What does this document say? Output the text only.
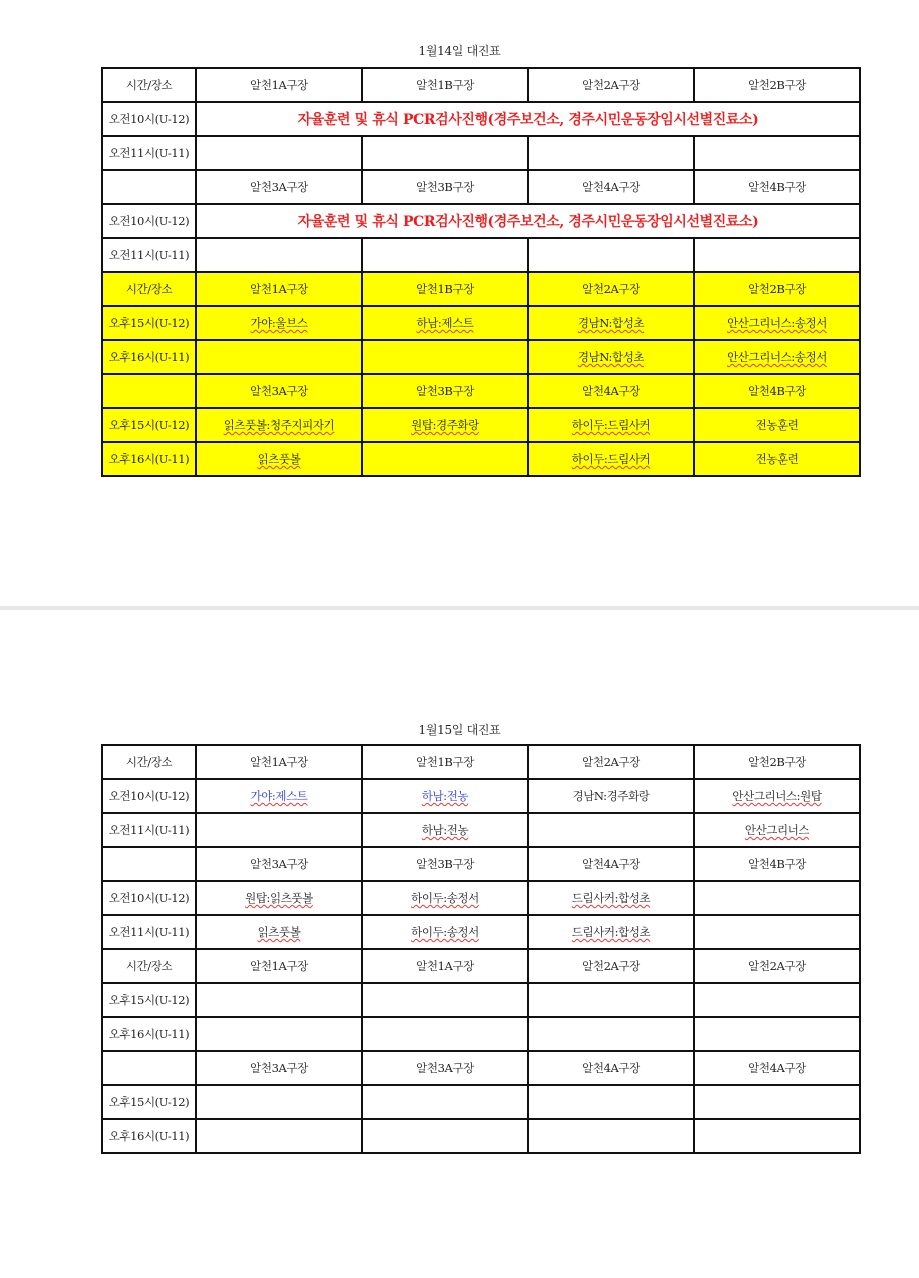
1월14일 대진표
시간/장소	알천1A구장	알천1B구장	알천2A구장	알천2B구장
오전10시(U-12)	자율훈련 및 휴식 PCR검사진행(경주보건소, 경주시민운동장임시선별진료소)			
오전11시(U-11)				
	알천3A구장	알천3B구장	알천4A구장	알천4B구장
오전10시(U-12)	자율훈련 및 휴식 PCR검사진행(경주보건소, 경주시민운동장임시선별진료소)			
오전11시(U-11)				
시간/장소	알천1A구장	알천1B구장	알천2A구장	알천2B구장
오후15시(U-12)	가야:울브스	하남:제스트	경남N:합성초	안산그리너스:송정서
오후16시(U-11)			경남N:합성초	안산그리너스:송정서
	알천3A구장	알천3B구장	알천4A구장	알천4B구장
오후15시(U-12)	읽츠풋볼:청주지피자기	원탑:경주화랑	하이두:드림사커	전농훈련
오후16시(U-11)	읽츠풋볼		하이두:드림사커	전농훈련
1월15일 대진표
시간/장소	알천1A구장	알천1B구장	알천2A구장	알천2B구장
오전10시(U-12)	가야:제스트	하남:전농	경남N:경주화랑	안산그리너스:원탑
오전11시(U-11)		하남:전농		안산그리너스
	알천3A구장	알천3B구장	알천4A구장	알천4B구장
오전10시(U-12)	원탑:읽츠풋볼	하이두:송정서	드림사커:합성초	
오전11시(U-11)	읽츠풋볼	하이두:송정서	드림사커:합성초	
시간/장소	알천1A구장	알천1A구장	알천2A구장	알천2A구장
오후15시(U-12)				
오후16시(U-11)				
	알천3A구장	알천3A구장	알천4A구장	알천4A구장
오후15시(U-12)				
오후16시(U-11)				
